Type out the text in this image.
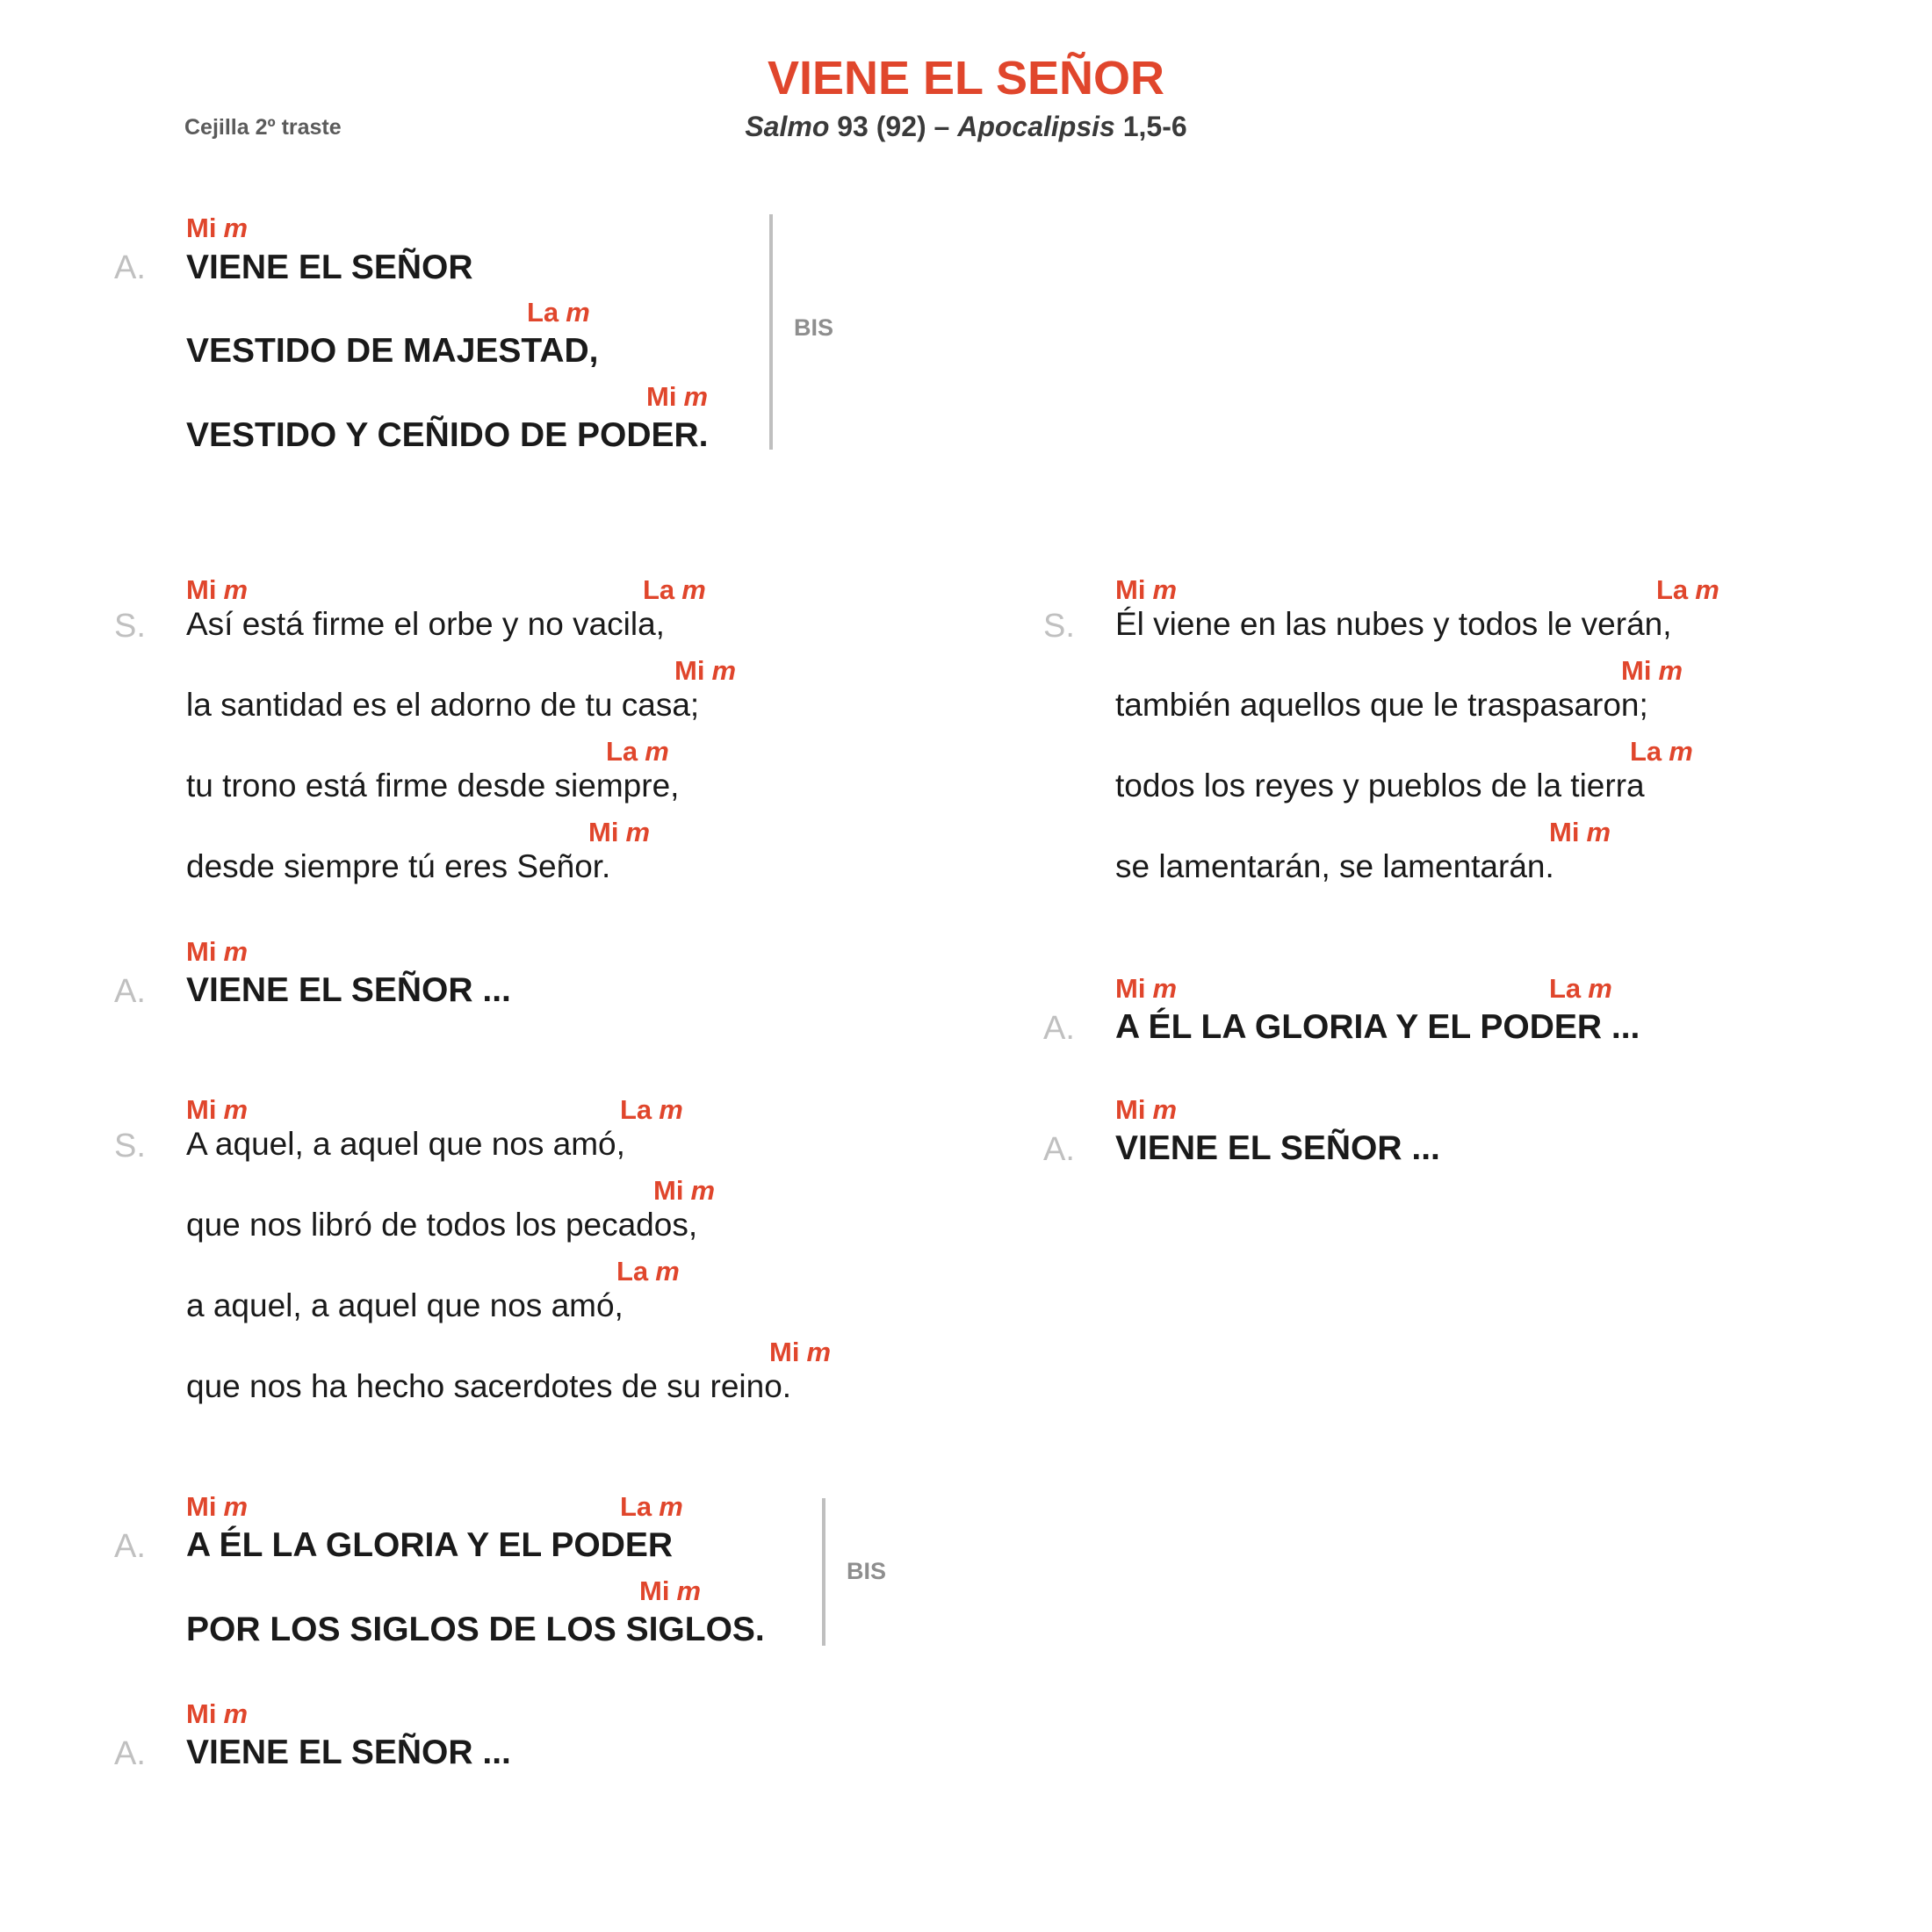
VIENE EL SEÑOR
Salmo 93 (92) – Apocalipsis 1,5-6
Cejilla 2º traste
Mi m
A.	VIENE EL SEÑOR
La m
VESTIDO DE MAJESTAD,
Mi m
VESTIDO Y CEÑIDO DE PODER.
BIS
Mi m	La m
S.	Así está firme el orbe y no vacila,
Mi m
la santidad es el adorno de tu casa;
La m
tu trono está firme desde siempre,
Mi m
desde siempre tú eres Señor.
Mi m
A.	VIENE EL SEÑOR ...
Mi m	La m
S.	A aquel, a aquel que nos amó,
Mi m
que nos libró de todos los pecados,
La m
a aquel, a aquel que nos amó,
Mi m
que nos ha hecho sacerdotes de su reino.
Mi m	La m
A.	A ÉL LA GLORIA Y EL PODER
Mi m
POR LOS SIGLOS DE LOS SIGLOS.
BIS
Mi m
A.	VIENE EL SEÑOR ...
Mi m	La m
S.	Él viene en las nubes y todos le verán,
Mi m
también aquellos que le traspasaron;
La m
todos los reyes y pueblos de la tierra
Mi m
se lamentarán, se lamentarán.
Mi m	La m
A.	A ÉL LA GLORIA Y EL PODER ...
Mi m
A.	VIENE EL SEÑOR ...
